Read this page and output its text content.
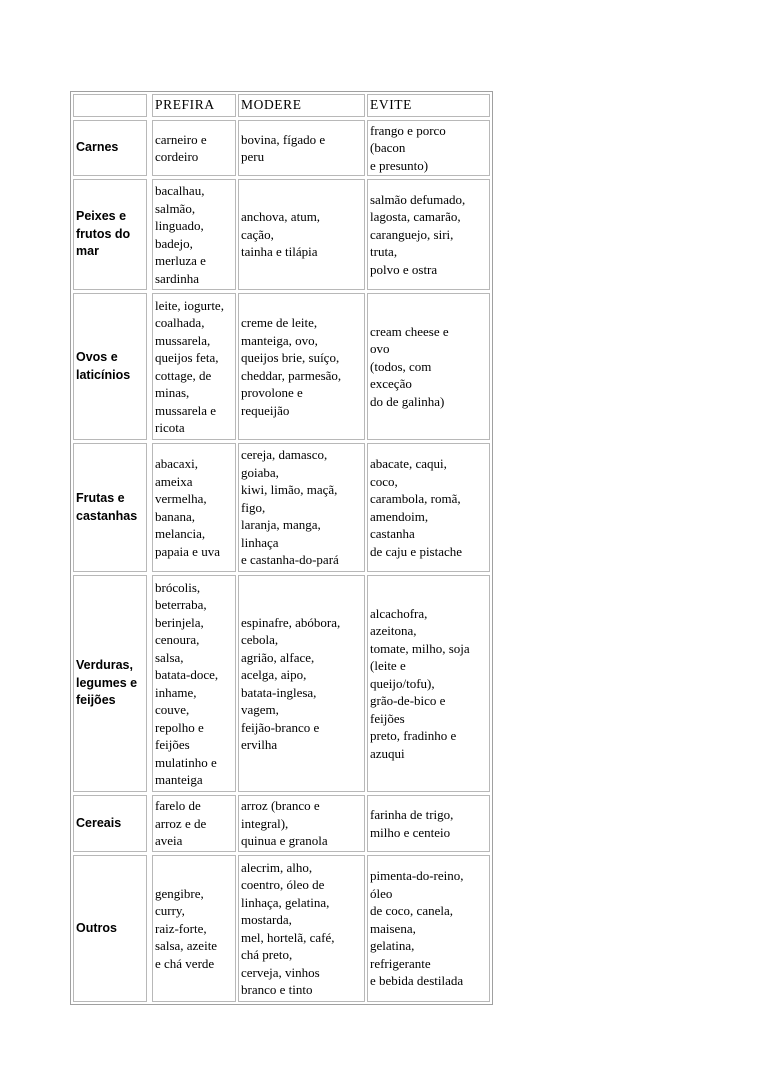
PREFIRA	MODERE	EVITE
Carnes
carneiro e
cordeiro
bovina, fígado e
peru
frango e porco
(bacon
e presunto)
Peixes e
frutos do
mar
bacalhau,
salmão,
linguado,
badejo,
merluza e
sardinha
anchova, atum,
cação,
tainha e tilápia
salmão defumado,
lagosta, camarão,
caranguejo, siri,
truta,
polvo e ostra
Ovos e
laticínios
leite, iogurte,
coalhada,
mussarela,
queijos feta,
cottage, de
minas,
mussarela e
ricota
creme de leite,
manteiga, ovo,
queijos brie, suíço,
cheddar, parmesão,
provolone e
requeijão
cream cheese e
ovo
(todos, com
exceção
do de galinha)
Frutas e
castanhas
abacaxi,
ameixa
vermelha,
banana,
melancia,
papaia e uva
cereja, damasco,
goiaba,
kiwi, limão, maçã,
figo,
laranja, manga,
linhaça
e castanha-do-pará
abacate, caqui,
coco,
carambola, romã,
amendoim,
castanha
de caju e pistache
Verduras,
legumes e
feijões
brócolis,
beterraba,
berinjela,
cenoura,
salsa,
batata-doce,
inhame,
couve,
repolho e
feijões
mulatinho e
manteiga
espinafre, abóbora,
cebola,
agrião, alface,
acelga, aipo,
batata-inglesa,
vagem,
feijão-branco e
ervilha
alcachofra,
azeitona,
tomate, milho, soja
(leite e
queijo/tofu),
grão-de-bico e
feijões
preto, fradinho e
azuqui
Cereais
farelo de
arroz e de
aveia
arroz (branco e
integral),
quinua e granola
farinha de trigo,
milho e centeio
Outros
gengibre,
curry,
raiz-forte,
salsa, azeite
e chá verde
alecrim, alho,
coentro, óleo de
linhaça, gelatina,
mostarda,
mel, hortelã, café,
chá preto,
cerveja, vinhos
branco e tinto
pimenta-do-reino,
óleo
de coco, canela,
maisena,
gelatina,
refrigerante
e bebida destilada
